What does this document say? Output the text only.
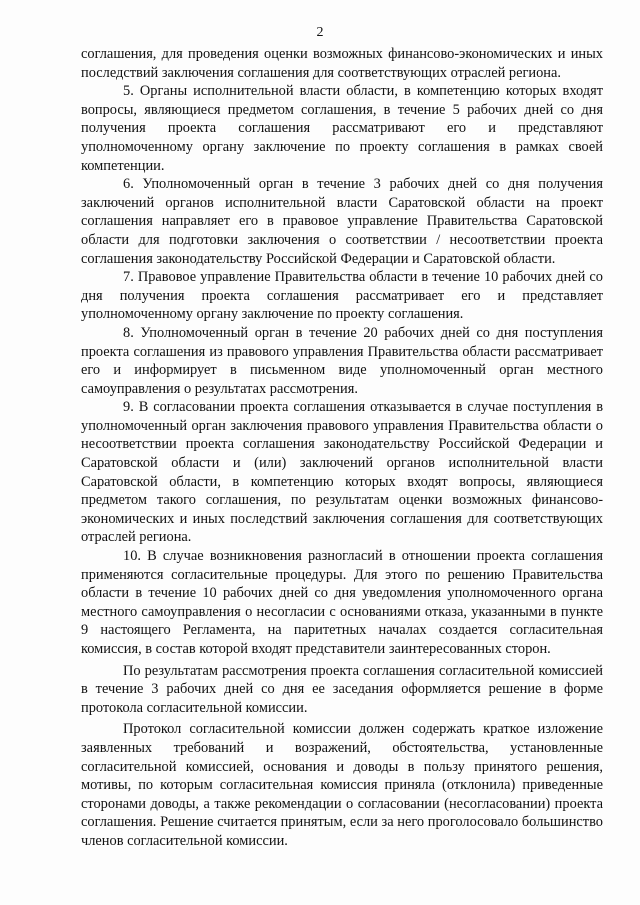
2

соглашения, для проведения оценки возможных финансово-экономических и иных последствий заключения соглашения для соответствующих отраслей региона.

5. Органы исполнительной власти области, в компетенцию которых входят вопросы, являющиеся предметом соглашения, в течение 5 рабочих дней со дня получения проекта соглашения рассматривают его и представляют уполномоченному органу заключение по проекту соглашения в рамках своей компетенции.

6. Уполномоченный орган в течение 3 рабочих дней со дня получения заключений органов исполнительной власти Саратовской области на проект соглашения направляет его в правовое управление Правительства Саратовской области для подготовки заключения о соответствии / несоответствии проекта соглашения законодательству Российской Федерации и Саратовской области.

7. Правовое управление Правительства области в течение 10 рабочих дней со дня получения проекта соглашения рассматривает его и представляет уполномоченному органу заключение по проекту соглашения.

8. Уполномоченный орган в течение 20 рабочих дней со дня поступления проекта соглашения из правового управления Правительства области рассматривает его и информирует в письменном виде уполномоченный орган местного самоуправления о результатах рассмотрения.

9. В согласовании проекта соглашения отказывается в случае поступления в уполномоченный орган заключения правового управления Правительства области о несоответствии проекта соглашения законодательству Российской Федерации и Саратовской области и (или) заключений органов исполнительной власти Саратовской области, в компетенцию которых входят вопросы, являющиеся предметом такого соглашения, по результатам оценки возможных финансово-экономических и иных последствий заключения соглашения для соответствующих отраслей региона.

10. В случае возникновения разногласий в отношении проекта соглашения применяются согласительные процедуры. Для этого по решению Правительства области в течение 10 рабочих дней со дня уведомления уполномоченного органа местного самоуправления о несогласии с основаниями отказа, указанными в пункте 9 настоящего Регламента, на паритетных началах создается согласительная комиссия, в состав которой входят представители заинтересованных сторон.

По результатам рассмотрения проекта соглашения согласительной комиссией в течение 3 рабочих дней со дня ее заседания оформляется решение в форме протокола согласительной комиссии.

Протокол согласительной комиссии должен содержать краткое изложение заявленных требований и возражений, обстоятельства, установленные согласительной комиссией, основания и доводы в пользу принятого решения, мотивы, по которым согласительная комиссия приняла (отклонила) приведенные сторонами доводы, а также рекомендации о согласовании (несогласовании) проекта соглашения. Решение считается принятым, если за него проголосовало большинство членов согласительной комиссии.
